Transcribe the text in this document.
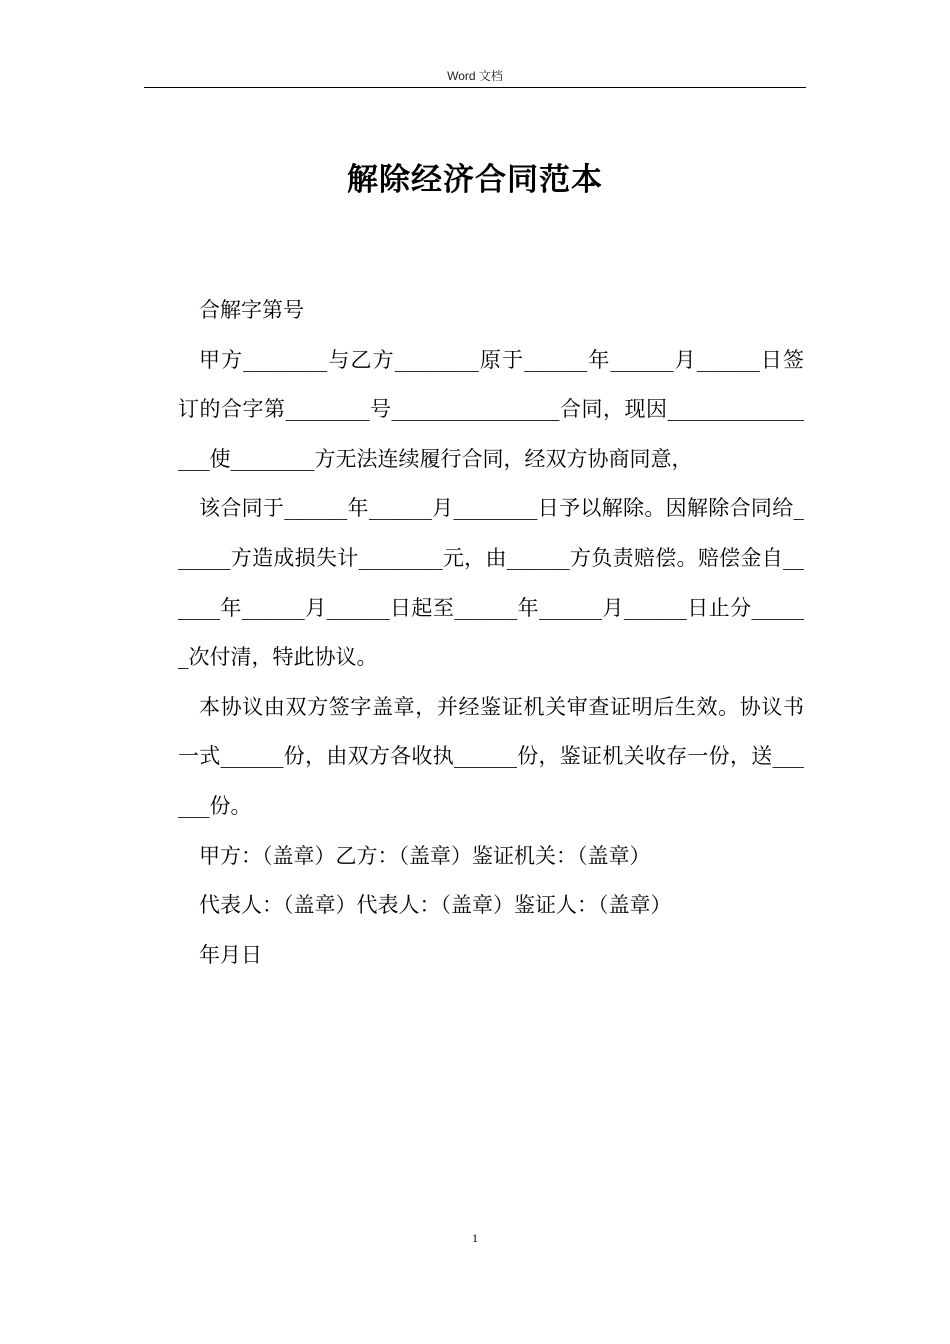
Word 文档
解除经济合同范本

合解字第号

甲方________与乙方________原于______年______月______日签订的合字第________号________________合同，现因________________使________方无法连续履行合同，经双方协商同意，

该合同于______年______月________日予以解除。因解除合同给______方造成损失计________元，由______方负责赔偿。赔偿金自______年______月______日起至______年______月______日止分______次付清，特此协议。

本协议由双方签字盖章，并经鉴证机关审查证明后生效。协议书一式______份，由双方各收执______份，鉴证机关收存一份，送______份。

甲方：（盖章）乙方：（盖章）鉴证机关：（盖章）

代表人：（盖章）代表人：（盖章）鉴证人：（盖章）

年月日

1
